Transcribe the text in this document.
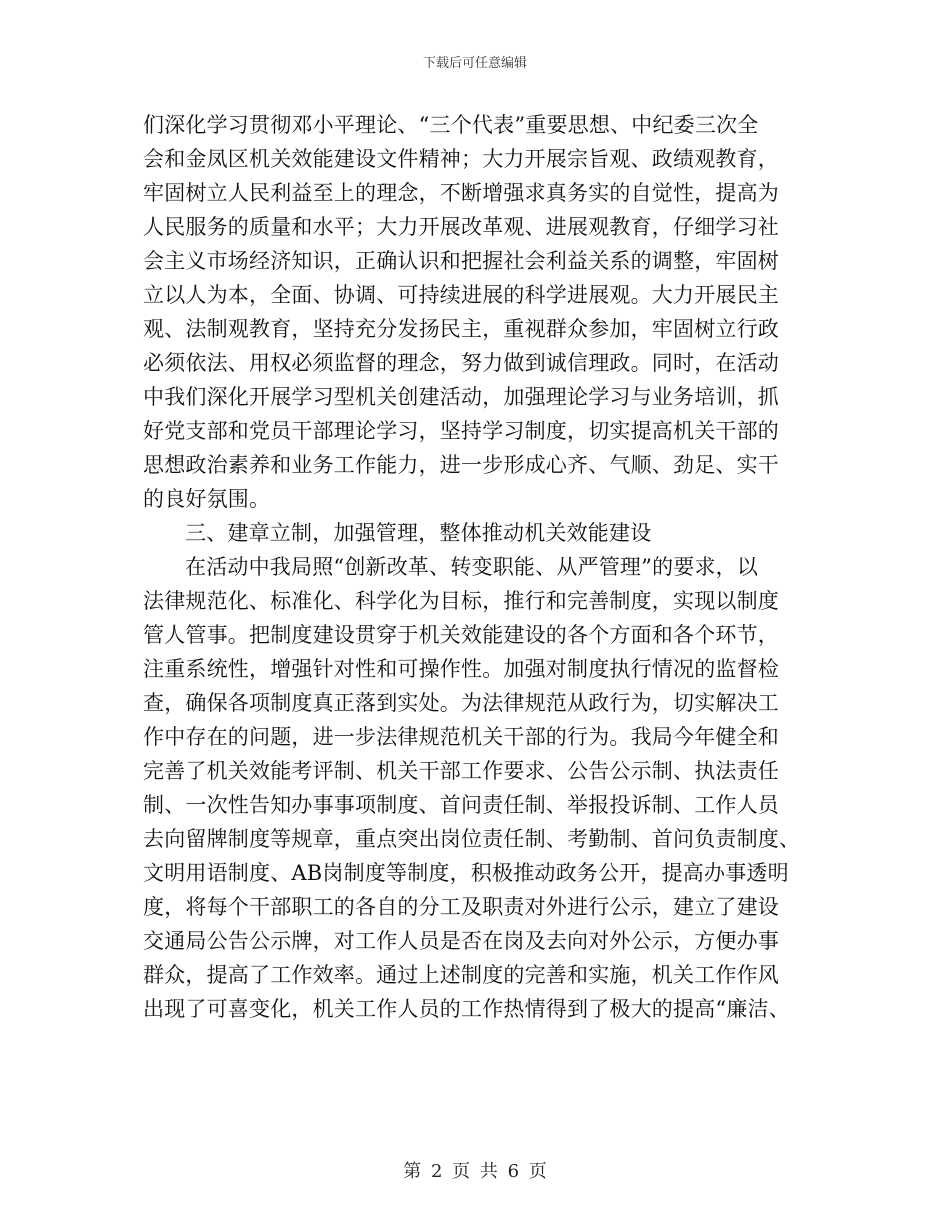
下载后可任意编辑
们深化学习贯彻邓小平理论、“三个代表”重要思想、中纪委三次全
会和金凤区机关效能建设文件精神；大力开展宗旨观、政绩观教育，
牢固树立人民利益至上的理念，不断增强求真务实的自觉性，提高为
人民服务的质量和水平；大力开展改革观、进展观教育，仔细学习社
会主义市场经济知识，正确认识和把握社会利益关系的调整，牢固树
立以人为本，全面、协调、可持续进展的科学进展观。大力开展民主
观、法制观教育，坚持充分发扬民主，重视群众参加，牢固树立行政
必须依法、用权必须监督的理念，努力做到诚信理政。同时，在活动
中我们深化开展学习型机关创建活动，加强理论学习与业务培训，抓
好党支部和党员干部理论学习，坚持学习制度，切实提高机关干部的
思想政治素养和业务工作能力，进一步形成心齐、气顺、劲足、实干
的良好氛围。
三、建章立制，加强管理，整体推动机关效能建设
在活动中我局照“创新改革、转变职能、从严管理”的要求，以
法律规范化、标准化、科学化为目标，推行和完善制度，实现以制度
管人管事。把制度建设贯穿于机关效能建设的各个方面和各个环节，
注重系统性，增强针对性和可操作性。加强对制度执行情况的监督检
查，确保各项制度真正落到实处。为法律规范从政行为，切实解决工
作中存在的问题，进一步法律规范机关干部的行为。我局今年健全和
完善了机关效能考评制、机关干部工作要求、公告公示制、执法责任
制、一次性告知办事事项制度、首问责任制、举报投诉制、工作人员
去向留牌制度等规章，重点突出岗位责任制、考勤制、首问负责制度、
文明用语制度、AB岗制度等制度，积极推动政务公开，提高办事透明
度，将每个干部职工的各自的分工及职责对外进行公示，建立了建设
交通局公告公示牌，对工作人员是否在岗及去向对外公示，方便办事
群众，提高了工作效率。通过上述制度的完善和实施，机关工作作风
出现了可喜变化，机关工作人员的工作热情得到了极大的提高“廉洁、
第 2 页 共 6 页
